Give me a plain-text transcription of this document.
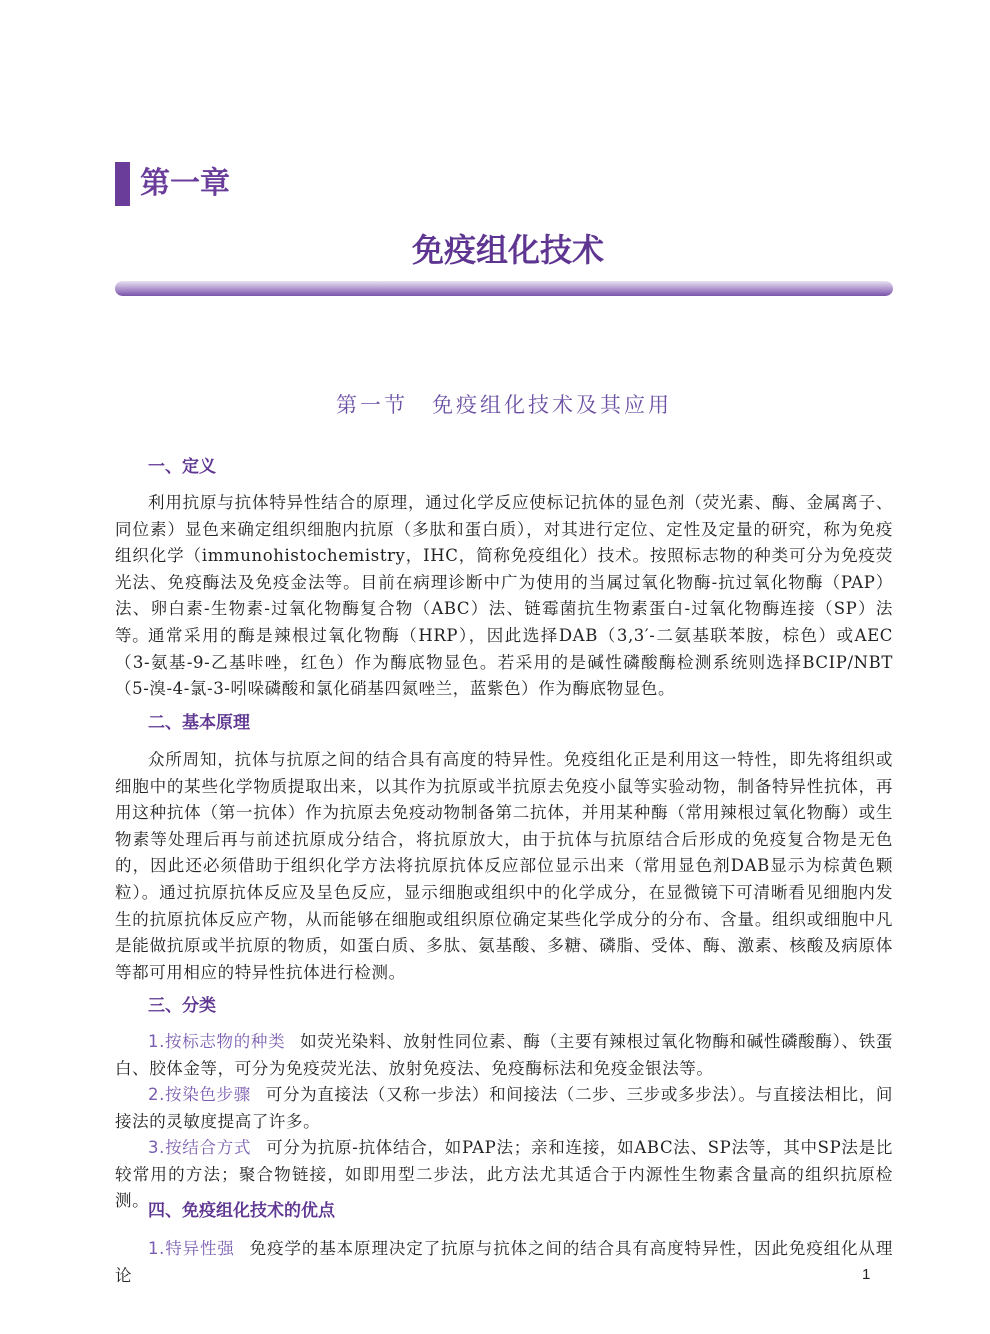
第一章
免疫组化技术
第一节　免疫组化技术及其应用
一、定义
利用抗原与抗体特异性结合的原理，通过化学反应使标记抗体的显色剂（荧光素、酶、金属离子、同位素）显色来确定组织细胞内抗原（多肽和蛋白质），对其进行定位、定性及定量的研究，称为免疫组织化学（immunohistochemistry，IHC，简称免疫组化）技术。按照标志物的种类可分为免疫荧光法、免疫酶法及免疫金法等。目前在病理诊断中广为使用的当属过氧化物酶-抗过氧化物酶（PAP）法、卵白素-生物素-过氧化物酶复合物（ABC）法、链霉菌抗生物素蛋白-过氧化物酶连接（SP）法等。
通常采用的酶是辣根过氧化物酶（HRP），因此选择DAB（3,3′-二氨基联苯胺，棕色）或AEC（3-氨基-9-乙基咔唑，红色）作为酶底物显色。若采用的是碱性磷酸酶检测系统则选择BCIP/NBT（5-溴-4-氯-3-吲哚磷酸和氯化硝基四氮唑兰，蓝紫色）作为酶底物显色。
二、基本原理
众所周知，抗体与抗原之间的结合具有高度的特异性。免疫组化正是利用这一特性，即先将组织或细胞中的某些化学物质提取出来，以其作为抗原或半抗原去免疫小鼠等实验动物，制备特异性抗体，再用这种抗体（第一抗体）作为抗原去免疫动物制备第二抗体，并用某种酶（常用辣根过氧化物酶）或生物素等处理后再与前述抗原成分结合，将抗原放大，由于抗体与抗原结合后形成的免疫复合物是无色的，因此还必须借助于组织化学方法将抗原抗体反应部位显示出来（常用显色剂DAB显示为棕黄色颗粒）。通过抗原抗体反应及呈色反应，显示细胞或组织中的化学成分，在显微镜下可清晰看见细胞内发生的抗原抗体反应产物，从而能够在细胞或组织原位确定某些化学成分的分布、含量。组织或细胞中凡是能做抗原或半抗原的物质，如蛋白质、多肽、氨基酸、多糖、磷脂、受体、酶、激素、核酸及病原体等都可用相应的特异性抗体进行检测。
三、分类
1.按标志物的种类 如荧光染料、放射性同位素、酶（主要有辣根过氧化物酶和碱性磷酸酶）、铁蛋白、胶体金等，可分为免疫荧光法、放射免疫法、免疫酶标法和免疫金银法等。
2.按染色步骤 可分为直接法（又称一步法）和间接法（二步、三步或多步法）。与直接法相比，间接法的灵敏度提高了许多。
3.按结合方式 可分为抗原-抗体结合，如PAP法；亲和连接，如ABC法、SP法等，其中SP法是比较常用的方法；聚合物链接，如即用型二步法，此方法尤其适合于内源性生物素含量高的组织抗原检测。
四、免疫组化技术的优点
1.特异性强 免疫学的基本原理决定了抗原与抗体之间的结合具有高度特异性，因此免疫组化从理论	1
